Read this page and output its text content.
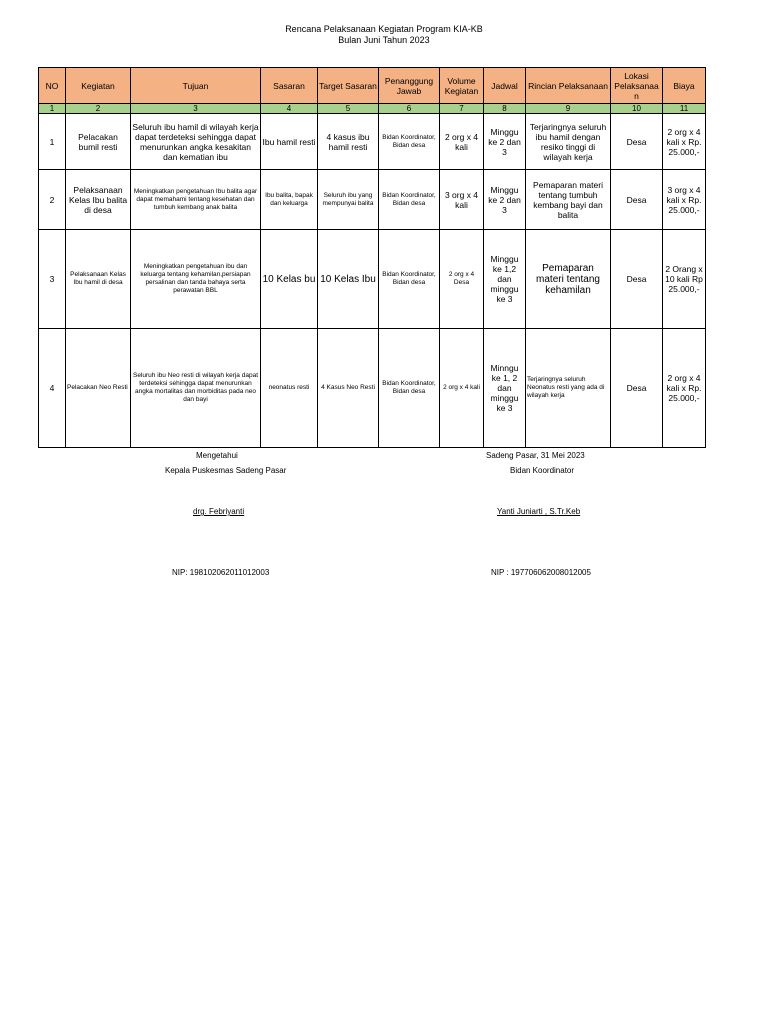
Rencana Pelaksanaan Kegiatan Program KIA-KB
Bulan Juni Tahun 2023
NO	Kegiatan	Tujuan	Sasaran	Target Sasaran	Penanggung Jawab	Volume Kegiatan	Jadwal	Rincian Pelaksanaan	Lokasi Pelaksanaan	Biaya
1	2	3	4	5	6	7	8	9	10	11
1	Pelacakan bumil resti	Seluruh ibu hamil di wilayah kerja dapat terdeteksi sehingga dapat menurunkan angka kesakitan dan kematian ibu	Ibu hamil resti	4 kasus ibu hamil resti	Bidan Koordinator, Bidan desa	2 org x 4 kali	Minggu ke 2 dan 3	Terjaringnya seluruh ibu hamil dengan resiko tinggi di wilayah kerja	Desa	2 org x 4 kali x Rp. 25.000,-
2	Pelaksanaan Kelas Ibu balita di desa	Meningkatkan pengetahuan Ibu balita agar dapat memahami tentang kesehatan dan tumbuh kembang anak balita	Ibu balita, bapak dan keluarga	Seluruh ibu yang mempunyai balita	Bidan Koordinator, Bidan desa	3 org x 4 kali	Minggu ke 2 dan 3	Pemaparan materi tentang tumbuh kembang bayi dan balita	Desa	3 org x 4 kali x Rp. 25.000,-
3	Pelaksanaan Kelas Ibu hamil di desa	Meningkatkan pengetahuan ibu dan keluarga tentang kehamilan,persiapan persalinan dan tanda bahaya serta perawatan BBL	10 Kelas bu	10 Kelas Ibu	Bidan Koordinator, Bidan desa	2 org x 4 Desa	Minggu ke 1,2 dan minggu ke 3	Pemaparan materi tentang kehamilan	Desa	2 Orang x 10 kali Rp 25.000,-
4	Pelacakan Neo Resti	Seluruh ibu Neo resti di wilayah kerja dapat terdeteksi sehingga dapat menurunkan angka mortalitas dan morbiditas pada neo dan bayi	neonatus resti	4 Kasus Neo Resti	Bidan Koordinator, Bidan desa	2 org x 4 kali	Minngu ke 1, 2 dan minggu ke 3	Terjaringnya seluruh Neonatus resti yang ada di wilayah kerja	Desa	2 org x 4 kali x Rp. 25.000,-
Mengetahui
Kepala Puskesmas Sadeng Pasar
drg. Febriyanti
NIP: 198102062011012003
Sadeng Pasar, 31 Mei 2023
Bidan Koordinator
Yanti Juniarti , S.Tr.Keb
NIP : 197706062008012005
